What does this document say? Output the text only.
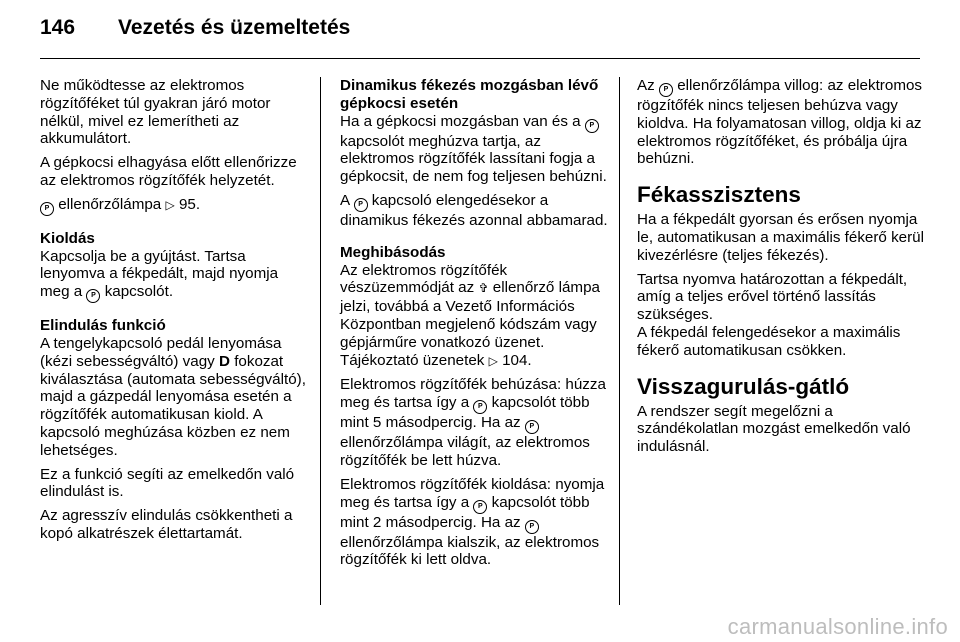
146	Vezetés és üzemeltetés

Ne működtesse az elektromos rögzítőféket túl gyakran járó motor nélkül, mivel ez lemerítheti az akkumulátort.

A gépkocsi elhagyása előtt ellenőrizze az elektromos rögzítőfék helyzetét.

P ellenőrzőlámpa ▷ 95.

Kioldás

Kapcsolja be a gyújtást. Tartsa lenyomva a fékpedált, majd nyomja meg a P kapcsolót.

Elindulás funkció

A tengelykapcsoló pedál lenyomása (kézi sebességváltó) vagy D fokozat kiválasztása (automata sebességváltó), majd a gázpedál lenyomása esetén a rögzítőfék automatikusan kiold. A kapcsoló meghúzása közben ez nem lehetséges.

Ez a funkció segíti az emelkedőn való elindulást is.

Az agresszív elindulás csökkentheti a kopó alkatrészek élettartamát.

Dinamikus fékezés mozgásban lévő gépkocsi esetén

Ha a gépkocsi mozgásban van és a P kapcsolót meghúzva tartja, az elektromos rögzítőfék lassítani fogja a gépkocsit, de nem fog teljesen behúzni.

A P kapcsoló elengedésekor a dinamikus fékezés azonnal abbamarad.

Meghibásodás

Az elektromos rögzítőfék vészüzemmódját az ✞ ellenőrző lámpa jelzi, továbbá a Vezető Információs Központban megjelenő kódszám vagy gépjárműre vonatkozó üzenet. Tájékoztató üzenetek ▷ 104.

Elektromos rögzítőfék behúzása: húzza meg és tartsa így a P kapcsolót több mint 5 másodpercig. Ha az P ellenőrzőlámpa világít, az elektromos rögzítőfék be lett húzva.

Elektromos rögzítőfék kioldása: nyomja meg és tartsa így a P kapcsolót több mint 2 másodpercig. Ha az P ellenőrzőlámpa kialszik, az elektromos rögzítőfék ki lett oldva.

Az P ellenőrzőlámpa villog: az elektromos rögzítőfék nincs teljesen behúzva vagy kioldva. Ha folyamatosan villog, oldja ki az elektromos rögzítőféket, és próbálja újra behúzni.

Fékasszisztens

Ha a fékpedált gyorsan és erősen nyomja le, automatikusan a maximális fékerő kerül kivezérlésre (teljes fékezés).

Tartsa nyomva határozottan a fékpedált, amíg a teljes erővel történő lassítás szükséges.

A fékpedál felengedésekor a maximális fékerő automatikusan csökken.

Visszagurulás-gátló

A rendszer segít megelőzni a szándékolatlan mozgást emelkedőn való indulásnál.

carmanualsonline.info
